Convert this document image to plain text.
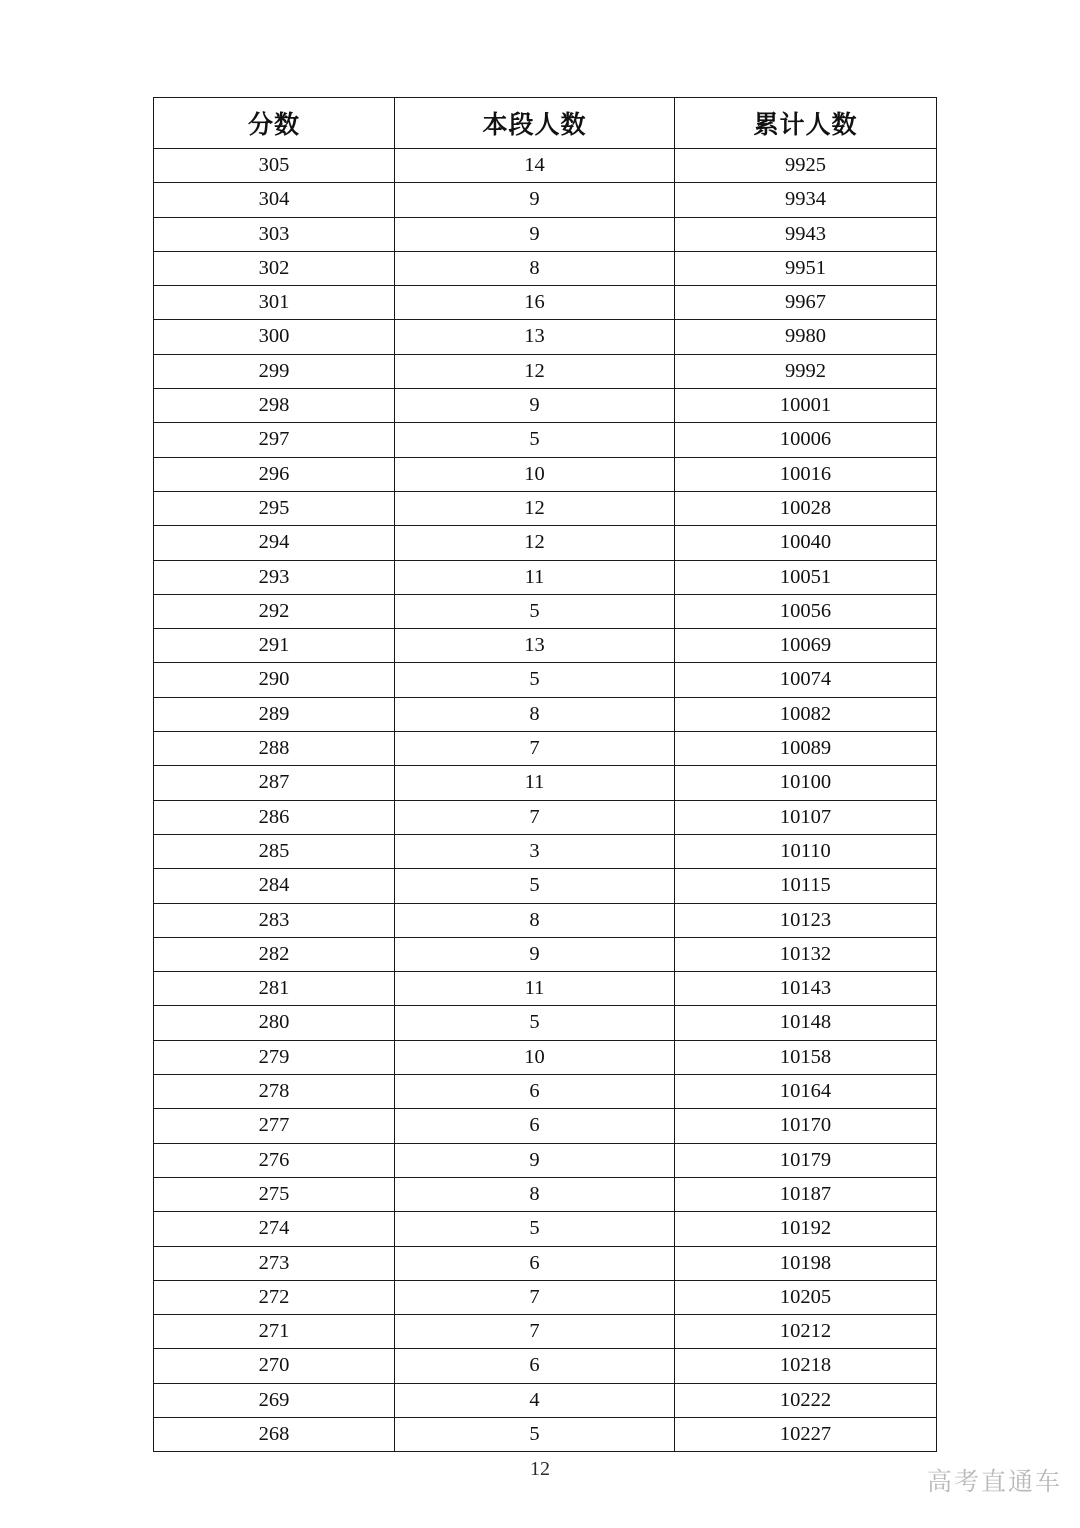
分数	本段人数	累计人数
305	14	9925
304	9	9934
303	9	9943
302	8	9951
301	16	9967
300	13	9980
299	12	9992
298	9	10001
297	5	10006
296	10	10016
295	12	10028
294	12	10040
293	11	10051
292	5	10056
291	13	10069
290	5	10074
289	8	10082
288	7	10089
287	11	10100
286	7	10107
285	3	10110
284	5	10115
283	8	10123
282	9	10132
281	11	10143
280	5	10148
279	10	10158
278	6	10164
277	6	10170
276	9	10179
275	8	10187
274	5	10192
273	6	10198
272	7	10205
271	7	10212
270	6	10218
269	4	10222
268	5	10227
12	高考直通车
